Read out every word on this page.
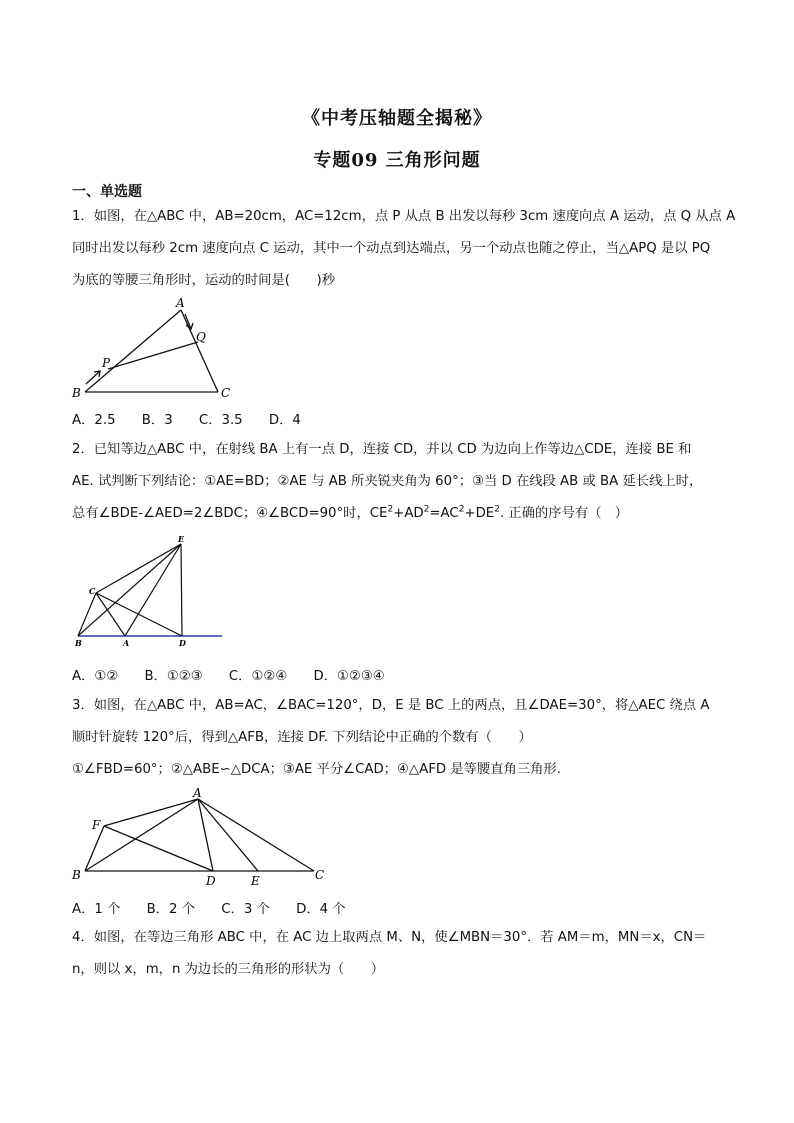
《中考压轴题全揭秘》
专题09 三角形问题
一、单选题
1．如图，在△ABC 中，AB=20cm，AC=12cm，点 P 从点 B 出发以每秒 3cm 速度向点 A 运动，点 Q 从点 A
同时出发以每秒 2cm 速度向点 C 运动，其中一个动点到达端点，另一个动点也随之停止，当△APQ 是以 PQ
为底的等腰三角形时，运动的时间是(　　)秒
A
Q
P
B	C
A．2.5 B．3 C．3.5 D．4
2．已知等边△ABC 中，在射线 BA 上有一点 D，连接 CD，并以 CD 为边向上作等边△CDE，连接 BE 和
AE. 试判断下列结论：①AE=BD；②AE 与 AB 所夹锐夹角为 60°；③当 D 在线段 AB 或 BA 延长线上时，
总有∠BDE-∠AED=2∠BDC；④∠BCD=90°时，$CE^2+AD^2=AC^2+DE^2$. 正确的序号有（　）
E
C
B	A	D
A．①② B．①②③ C．①②④ D．①②③④
3．如图，在△ABC 中，AB=AC，∠BAC=120°，D，E 是 BC 上的两点，且∠DAE=30°，将△AEC 绕点 A
顺时针旋转 120°后，得到△AFB，连接 DF. 下列结论中正确的个数有（　　）
①∠FBD=60°；②△ABE∽△DCA；③AE 平分∠CAD；④△AFD 是等腰直角三角形.
A
F
B	D	E	C
A．1 个 B．2 个 C．3 个 D．4 个
4．如图，在等边三角形 ABC 中，在 AC 边上取两点 M、N，使∠MBN＝30°．若 AM＝m，MN＝x，CN＝
n，则以 x，m，n 为边长的三角形的形状为（　　）
